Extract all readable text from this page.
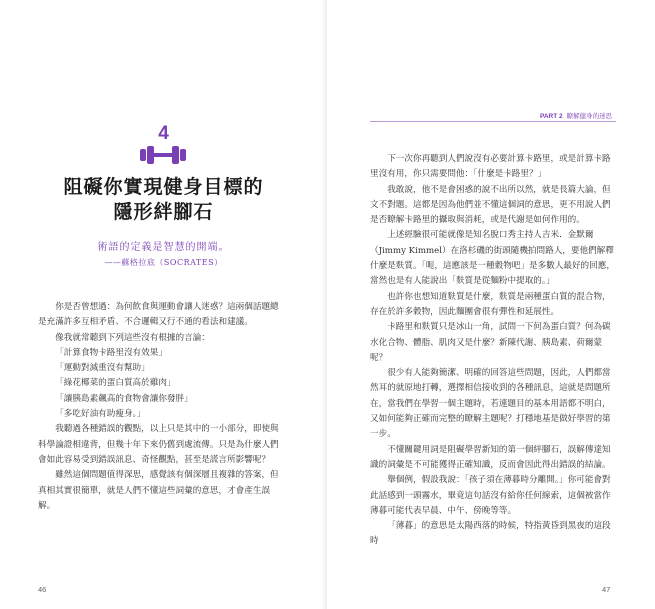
4
阻礙你實現健身目標的
隱形絆腳石
術語的定義是智慧的開端。
——蘇格拉底（SOCRATES）

你是否曾想過：為何飲食與運動會讓人迷惑？這兩個話題總是充滿許多互相矛盾、不合邏輯又行不通的看法和建議。

像我就常聽到下列這些沒有根據的言論：

「計算食物卡路里沒有效果」

「運動對減重沒有幫助」

「綠花椰菜的蛋白質高於雞肉」

「讓胰島素飆高的食物會讓你發胖」

「多吃好油有助瘦身。」

我聽過各種錯誤的觀點，以上只是其中的一小部分，即使與科學論證相違背，但幾十年下來仍舊到處流傳。只是為什麼人們會如此容易受到錯誤訊息、奇怪觀點，甚至是謊言所影響呢？

雖然這個問題值得深思，感覺該有個深層且複雜的答案，但真相其實很簡單，就是人們不懂這些詞彙的意思，才會產生誤解。

46
PART 2 瞭解健身的迷思

下一次你再聽到人們說沒有必要計算卡路里，或是計算卡路里沒有用，你只需要問他：「什麼是卡路里？」

我敢說，他不是會困惑的說不出所以然，就是長篇大論，但文不對題。這都是因為他們並不懂這個詞的意思，更不用說人們是否瞭解卡路里的攝取與消耗，或是代謝是如何作用的。

上述經驗很可能就像是知名脫口秀主持人吉米．金默爾（Jimmy Kimmel）在洛杉磯的街頭隨機拍問路人，要他們解釋什麼是麩質。「呃，這應該是一種穀物吧」是多數人最好的回應，當然也是有人能說出「麩質是從麵粉中提取的。」

也許你也想知道麩質是什麼，麩質是兩種蛋白質的混合物，存在於許多穀物，因此麵團會很有彈性和延展性。

卡路里和麩質只是冰山一角，試問一下何為蛋白質？何為碳水化合物、體脂、肌肉又是什麼？新陳代謝、胰島素、荷爾蒙呢？

很少有人能夠簡潔、明確的回答這些問題，因此，人們都當然耳的就原地打轉，選擇相信接收到的各種訊息，這就是問題所在，當我們在學習一個主題時，若連題目的基本用語都不明白，又如何能夠正確而完整的瞭解主題呢？打穩地基是做好學習的第一步。

不懂關鍵用詞是阻礙學習新知的第一個絆腳石，誤解傳達知識的詞彙是不可能獲得正確知識，反而會因此得出錯誤的結論。

舉個例，假設我說：「孩子須在薄暮時分離開。」你可能會對此話感到一頭霧水，畢竟這句話沒有給你任何線索，這個被當作薄暮可能代表早晨、中午、傍晚等等。

「薄暮」的意思是太陽西落的時候，特指黃昏到黑夜的這段時

47
